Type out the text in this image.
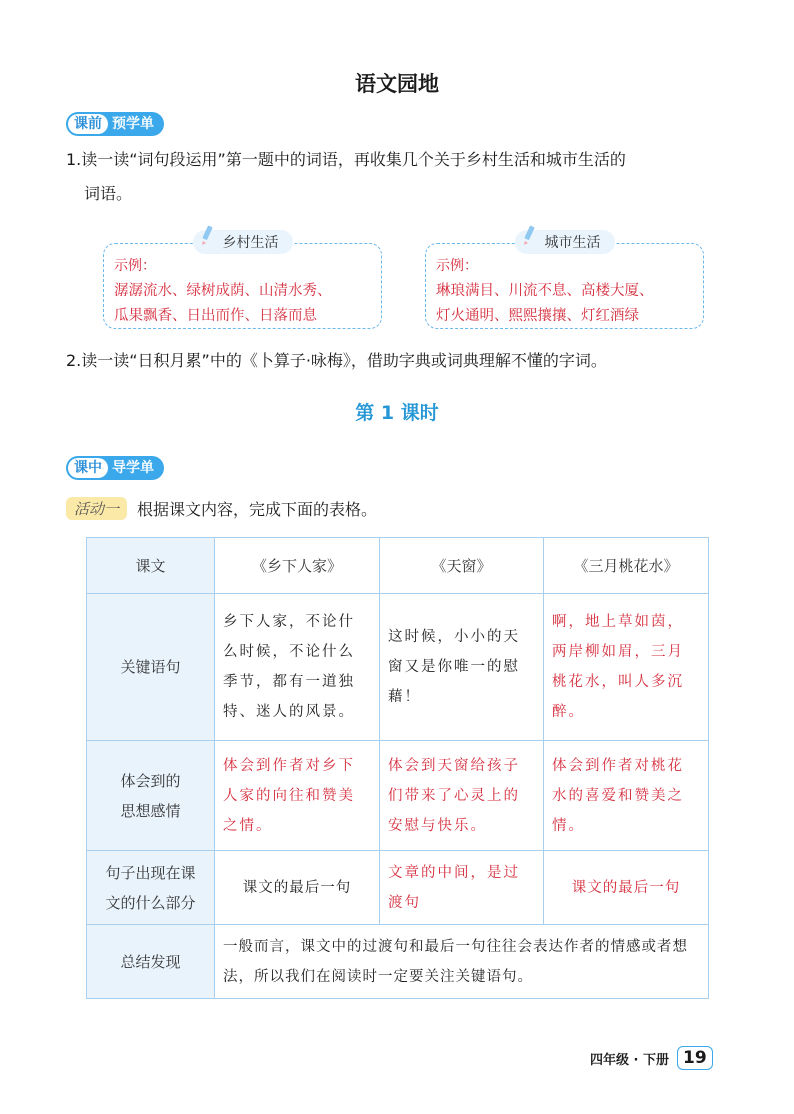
语文园地
课前 预学单
1.读一读“词句段运用”第一题中的词语，再收集几个关于乡村生活和城市生活的
词语。
乡村生活
示例：
潺潺流水、绿树成荫、山清水秀、
瓜果飘香、日出而作、日落而息
城市生活
示例：
琳琅满目、川流不息、高楼大厦、
灯火通明、熙熙攘攘、灯红酒绿
2.读一读“日积月累”中的《卜算子·咏梅》，借助字典或词典理解不懂的字词。
第 1 课时
课中 导学单
活动一	根据课文内容，完成下面的表格。
课文	《乡下人家》	《天窗》	《三月桃花水》
关键语句	乡下人家，不论什么时候，不论什么季节，都有一道独特、迷人的风景。	这时候，小小的天窗又是你唯一的慰藉！	啊，地上草如茵，两岸柳如眉，三月桃花水，叫人多沉醉。

体会到的
思想感情	体会到作者对乡下人家的向往和赞美之情。	体会到天窗给孩子们带来了心灵上的安慰与快乐。	体会到作者对桃花水的喜爱和赞美之情。

句子出现在课
文的什么部分	课文的最后一句	文章的中间，是过渡句	课文的最后一句
总结发现	一般而言，课文中的过渡句和最后一句往往会表达作者的情感或者想法，所以我们在阅读时一定要关注关键语句。		
四年级 · 下册 19
